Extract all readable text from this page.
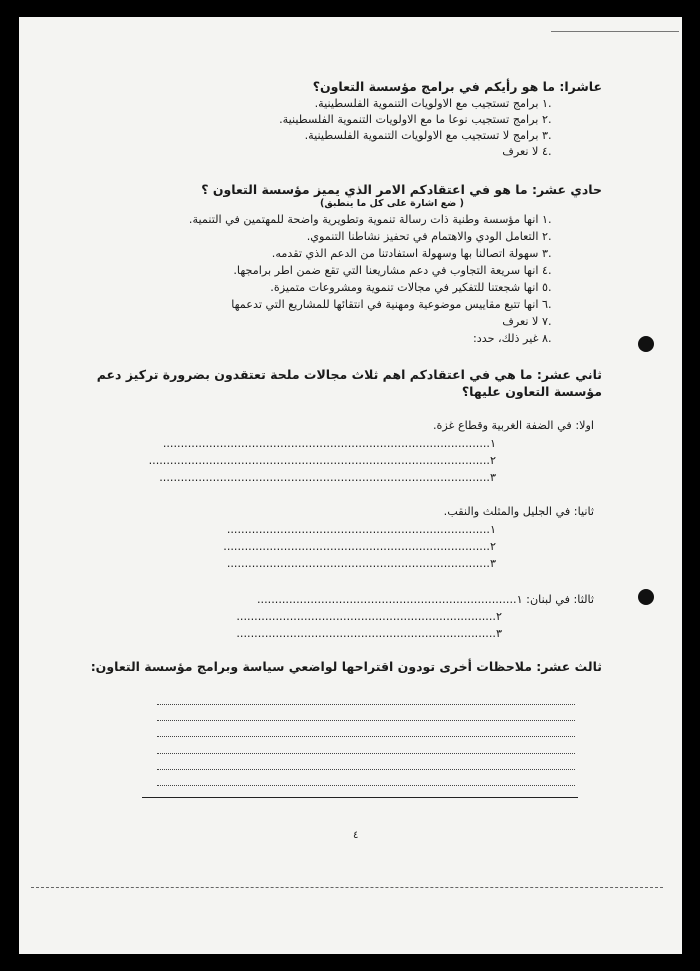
عاشرا: ما هو رأيكم في برامج مؤسسة التعاون؟
.١ برامج تستجيب مع الاولويات التنموية الفلسطينية.
.٢ برامج تستجيب نوعا ما مع الاولويات التنموية الفلسطينية.
.٣ برامج لا تستجيب مع الاولويات التنموية الفلسطينية.
.٤ لا نعرف
حادي عشر: ما هو في اعتقادكم الامر الذي يميز مؤسسة التعاون ؟
( ضع اشارة على كل ما ينطبق)
.١ انها مؤسسة وطنية ذات رسالة تنموية وتطويرية واضحة للمهتمين في التنمية.
.٢ التعامل الودي والاهتمام في تحفيز نشاطنا التنموي.
.٣ سهولة اتصالنا بها وسهولة استفادتنا من الدعم الذي تقدمه.
.٤ انها سريعة التجاوب في دعم مشاريعنا التي تقع ضمن اطر برامجها.
.٥ انها شجعتنا للتفكير في مجالات تنموية ومشروعات متميزة.
.٦ انها تتبع مقاييس موضوعية ومهنية في انتقائها للمشاريع التي تدعمها
.٧ لا نعرف
.٨ غير ذلك، حدد:
ثاني عشر: ما هي في اعتقادكم اهم ثلاث مجالات ملحة تعتقدون بضرورة تركيز دعم
مؤسسة التعاون عليها؟
اولا: في الضفة الغربية وقطاع غزة.
١............................................................................................
٢................................................................................................
٣.............................................................................................
ثانيا: في الجليل والمثلث والنقب.
١..........................................................................
٢...........................................................................
٣..........................................................................
ثالثا: في لبنان: ١.........................................................................
٢.........................................................................
٣.........................................................................
ثالث عشر: ملاحظات أخرى تودون اقتراحها لواضعي سياسة وبرامج مؤسسة التعاون:
٤
